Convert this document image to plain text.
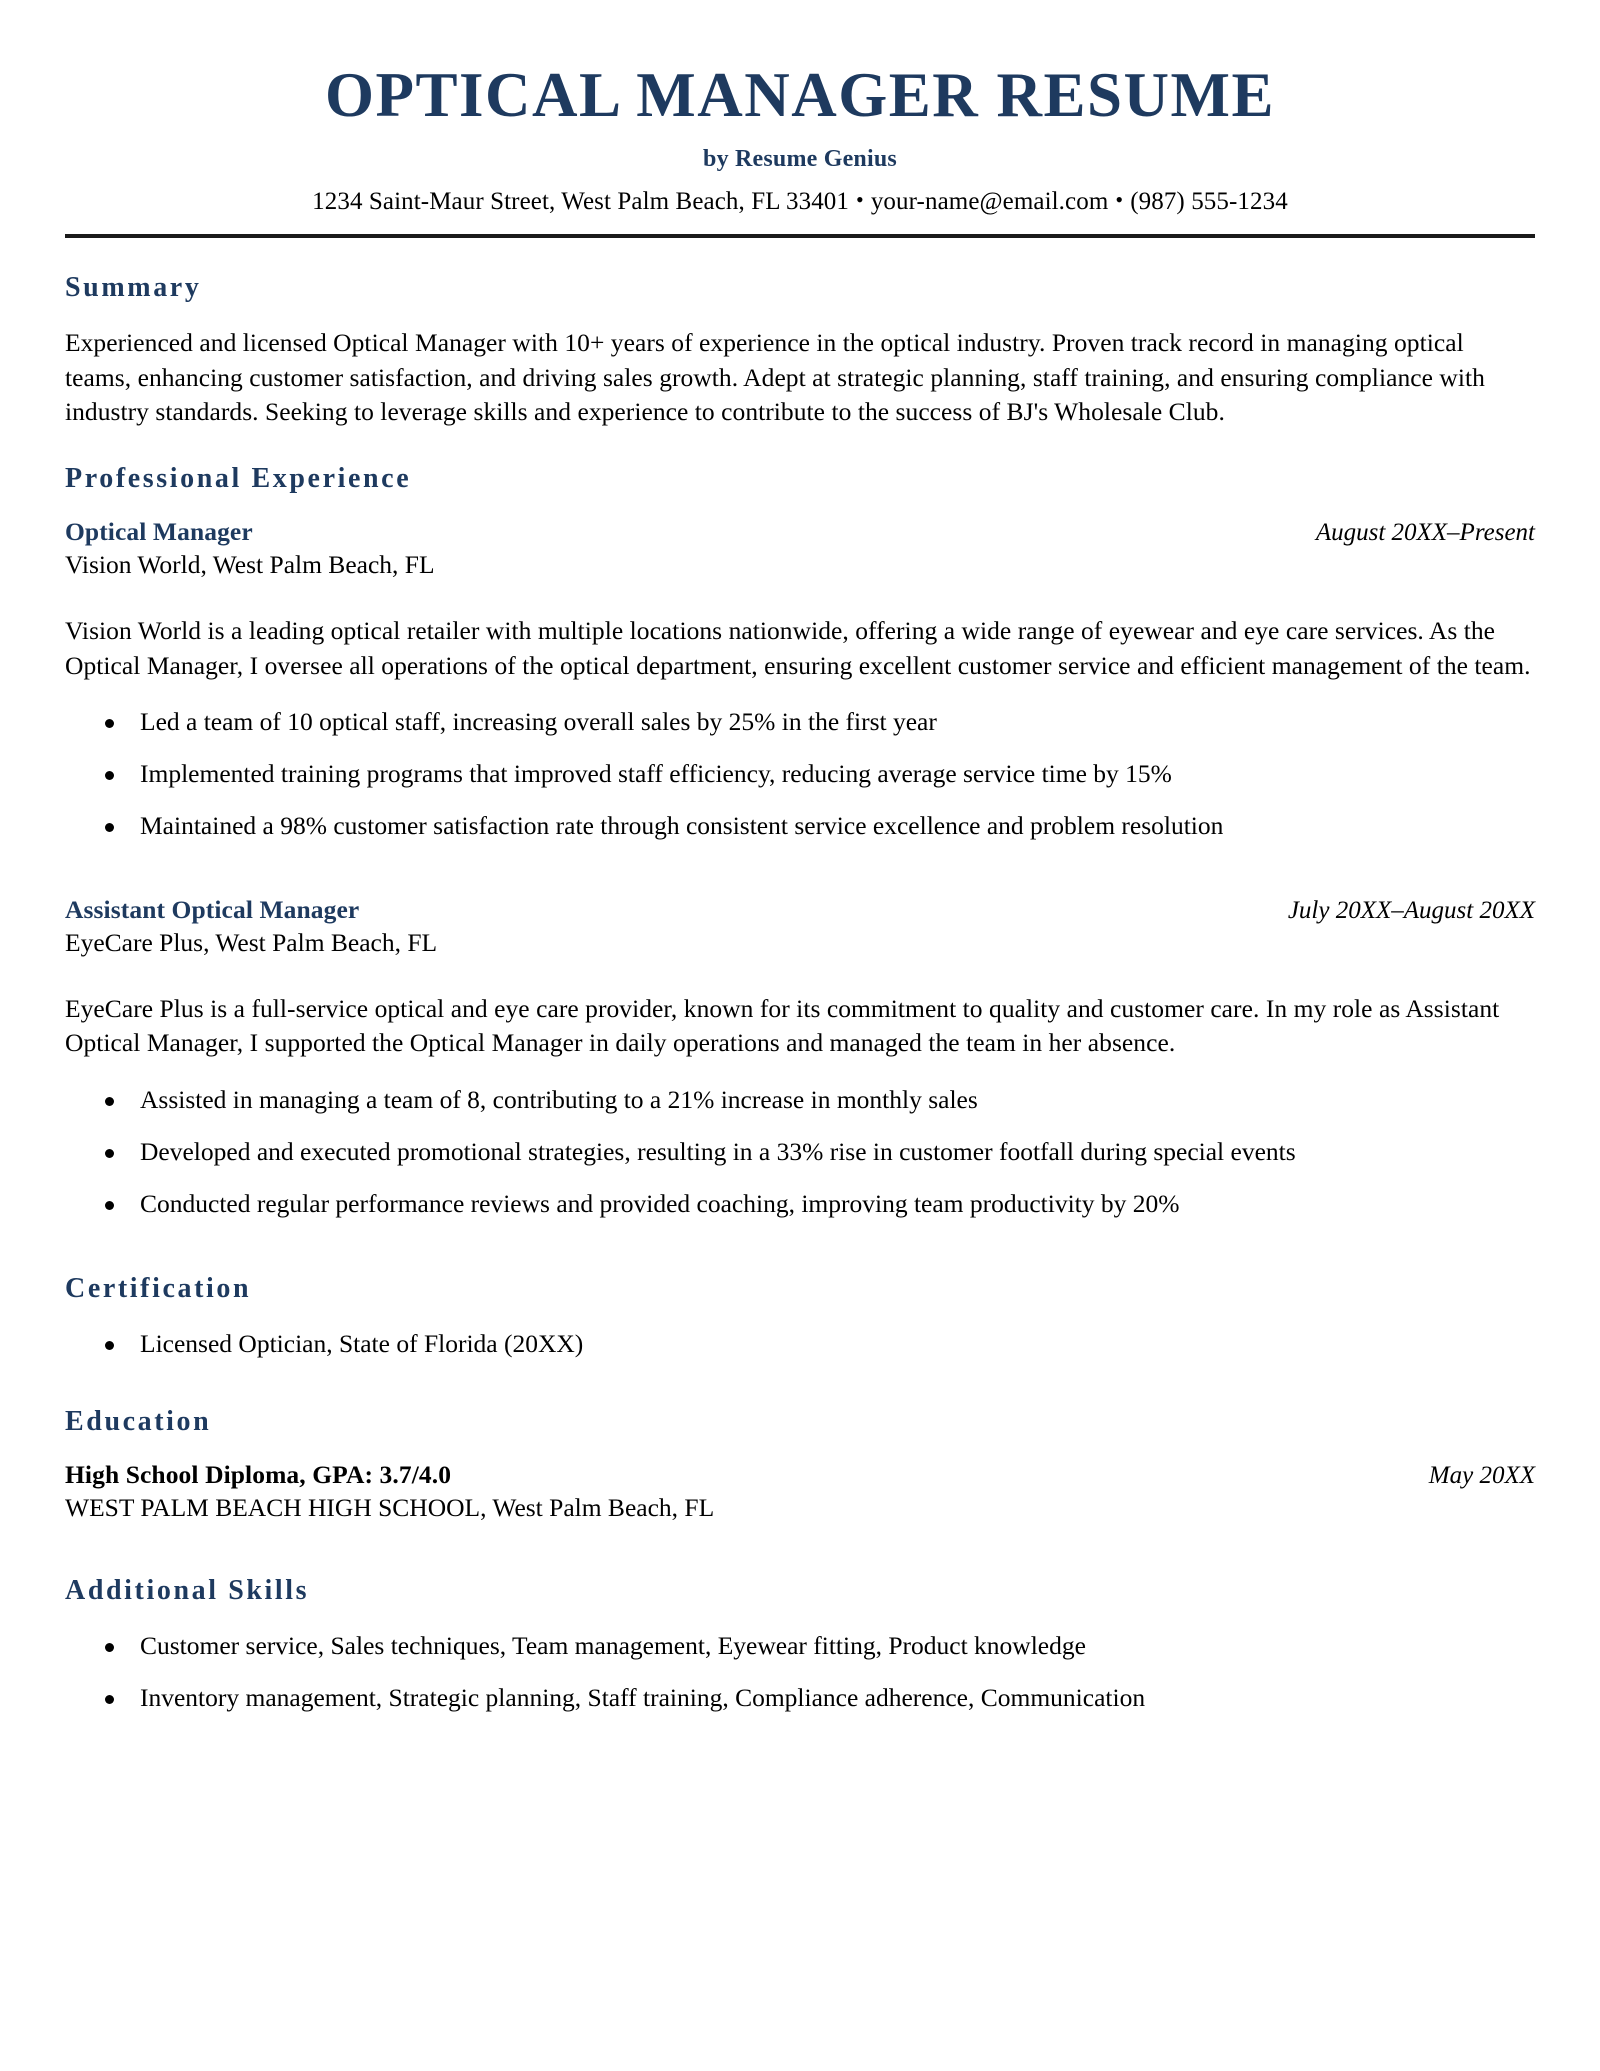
OPTICAL MANAGER RESUME
by Resume Genius
1234 Saint-Maur Street, West Palm Beach, FL 33401 • your-name@email.com • (987) 555-1234
Summary

Experienced and licensed Optical Manager with 10+ years of experience in the optical industry. Proven track record in managing optical teams, enhancing customer satisfaction, and driving sales growth. Adept at strategic planning, staff training, and ensuring compliance with industry standards. Seeking to leverage skills and experience to contribute to the success of BJ's Wholesale Club.

Professional Experience
Optical Manager	August 20XX–Present
Vision World, West Palm Beach, FL

Vision World is a leading optical retailer with multiple locations nationwide, offering a wide range of eyewear and eye care services. As the Optical Manager, I oversee all operations of the optical department, ensuring excellent customer service and efficient management of the team.

Led a team of 10 optical staff, increasing overall sales by 25% in the first year
Implemented training programs that improved staff efficiency, reducing average service time by 15%
Maintained a 98% customer satisfaction rate through consistent service excellence and problem resolution
Assistant Optical Manager	July 20XX–August 20XX
EyeCare Plus, West Palm Beach, FL

EyeCare Plus is a full-service optical and eye care provider, known for its commitment to quality and customer care. In my role as Assistant Optical Manager, I supported the Optical Manager in daily operations and managed the team in her absence.

Assisted in managing a team of 8, contributing to a 21% increase in monthly sales
Developed and executed promotional strategies, resulting in a 33% rise in customer footfall during special events
Conducted regular performance reviews and provided coaching, improving team productivity by 20%
Certification
Licensed Optician, State of Florida (20XX)
Education
High School Diploma, GPA: 3.7/4.0	May 20XX
WEST PALM BEACH HIGH SCHOOL, West Palm Beach, FL
Additional Skills
Customer service, Sales techniques, Team management, Eyewear fitting, Product knowledge
Inventory management, Strategic planning, Staff training, Compliance adherence, Communication
